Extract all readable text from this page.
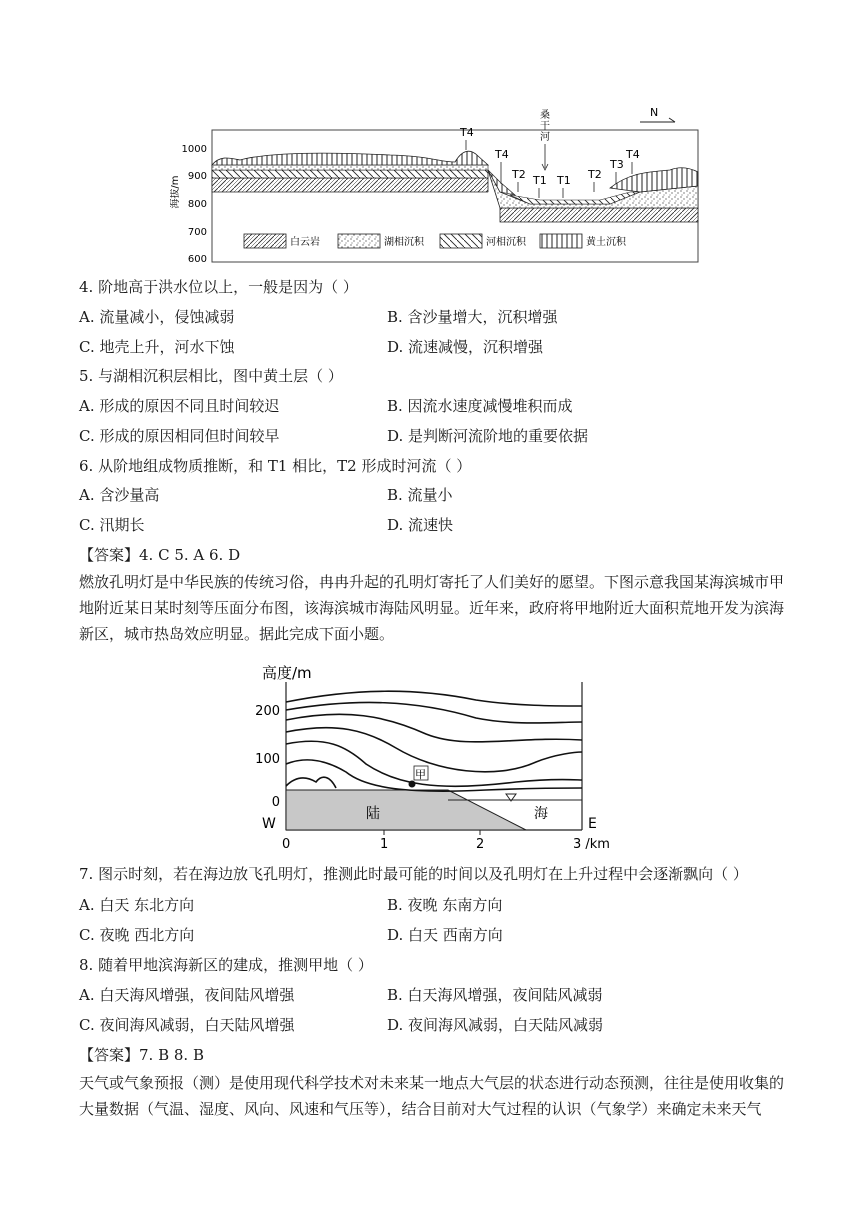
1000
900
800
700
600
海拔/m
T4
T4
T2 T1 T1 T2
T3
T4
桑
干
河
N
白云岩	湖相沉积	河相沉积	黄土沉积
4. 阶地高于洪水位以上，一般是因为（ ）
A. 流量减小，侵蚀减弱	B. 含沙量增大，沉积增强
C. 地壳上升，河水下蚀	D. 流速减慢，沉积增强
5. 与湖相沉积层相比，图中黄土层（ ）
A. 形成的原因不同且时间较迟	B. 因流水速度减慢堆积而成
C. 形成的原因相同但时间较早	D. 是判断河流阶地的重要依据
6. 从阶地组成物质推断，和 T1 相比，T2 形成时河流（ ）
A. 含沙量高	B. 流量小
C. 汛期长	D. 流速快
【答案】4. C 5. A 6. D
燃放孔明灯是中华民族的传统习俗，冉冉升起的孔明灯寄托了人们美好的愿望。下图示意我国某海滨城市甲地附近某日某时刻等压面分布图，该海滨城市海陆风明显。近年来，政府将甲地附近大面积荒地开发为滨海新区，城市热岛效应明显。据此完成下面小题。
高度/m
200
100
0
陆	海
W	E
甲
0	1	2	3 /km
7. 图示时刻，若在海边放飞孔明灯，推测此时最可能的时间以及孔明灯在上升过程中会逐渐飘向（ ）
A. 白天 东北方向	B. 夜晚 东南方向
C. 夜晚 西北方向	D. 白天 西南方向
8. 随着甲地滨海新区的建成，推测甲地（ ）
A. 白天海风增强，夜间陆风增强	B. 白天海风增强，夜间陆风减弱
C. 夜间海风减弱，白天陆风增强	D. 夜间海风减弱，白天陆风减弱
【答案】7. B 8. B
天气或气象预报（测）是使用现代科学技术对未来某一地点大气层的状态进行动态预测，往往是使用收集的大量数据（气温、湿度、风向、风速和气压等），结合目前对大气过程的认识（气象学）来确定未来天气
